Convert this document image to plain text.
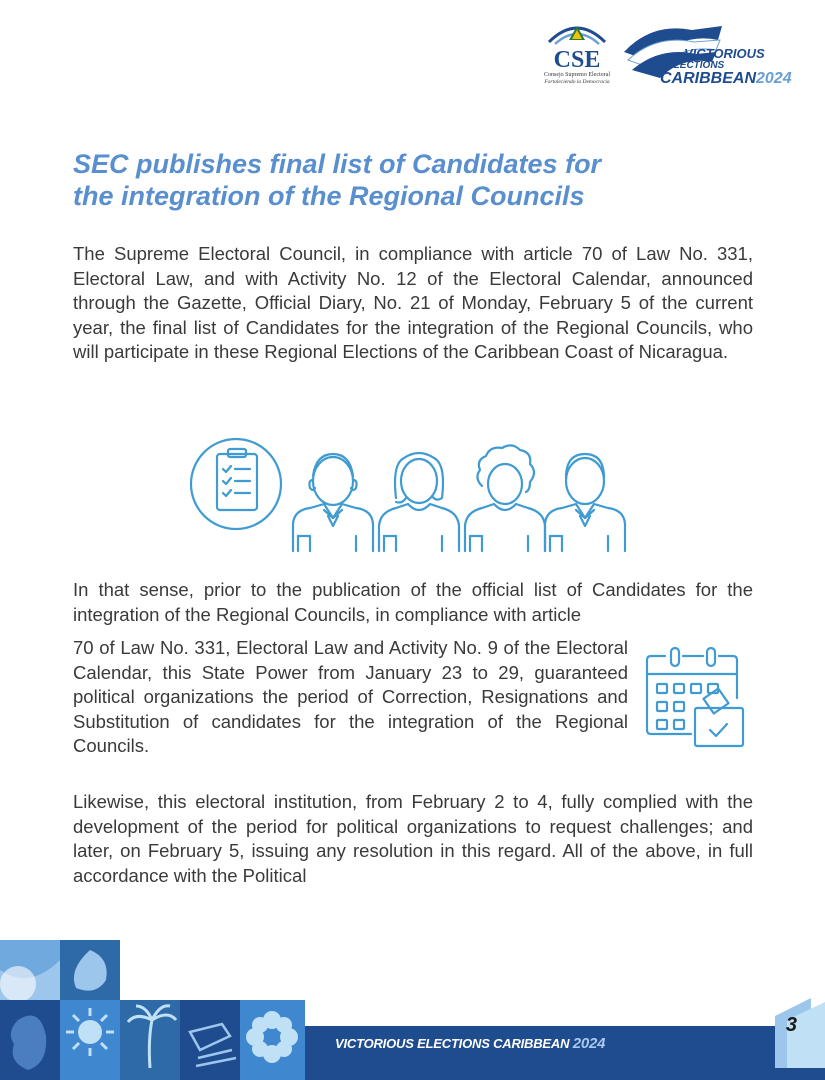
CSE
Consejo Supremo Electoral
Fortaleciendo la Democracia
VICTORIOUS
ELECTIONS
CARIBBEAN2024
SEC publishes final list of Candidates for
the integration of the Regional Councils

The Supreme Electoral Council, in compliance with article 70 of Law No. 331, Electoral Law, and with Activity No. 12 of the Electoral Calendar, announced through the Gazette, Official Diary, No. 21 of Monday, February 5 of the current year, the final list of Candidates for the integration of the Regional Councils, who will participate in these Regional Elections of the Caribbean Coast of Nicaragua.

In that sense, prior to the publication of the official list of Candidates for the integration of the Regional Councils, in compliance with article

70 of Law No. 331, Electoral Law and Activity No. 9 of the Electoral Calendar, this State Power from January 23 to 29, guaranteed political organizations the period of Correction, Resignations and Substitution of candidates for the integration of the Regional Councils.

Likewise, this electoral institution, from February 2 to 4, fully complied with the development of the period for political organizations to request challenges; and later, on February 5, issuing any resolution in this regard. All of the above, in full accordance with the Political

VICTORIOUS ELECTIONS CARIBBEAN 2024
3
